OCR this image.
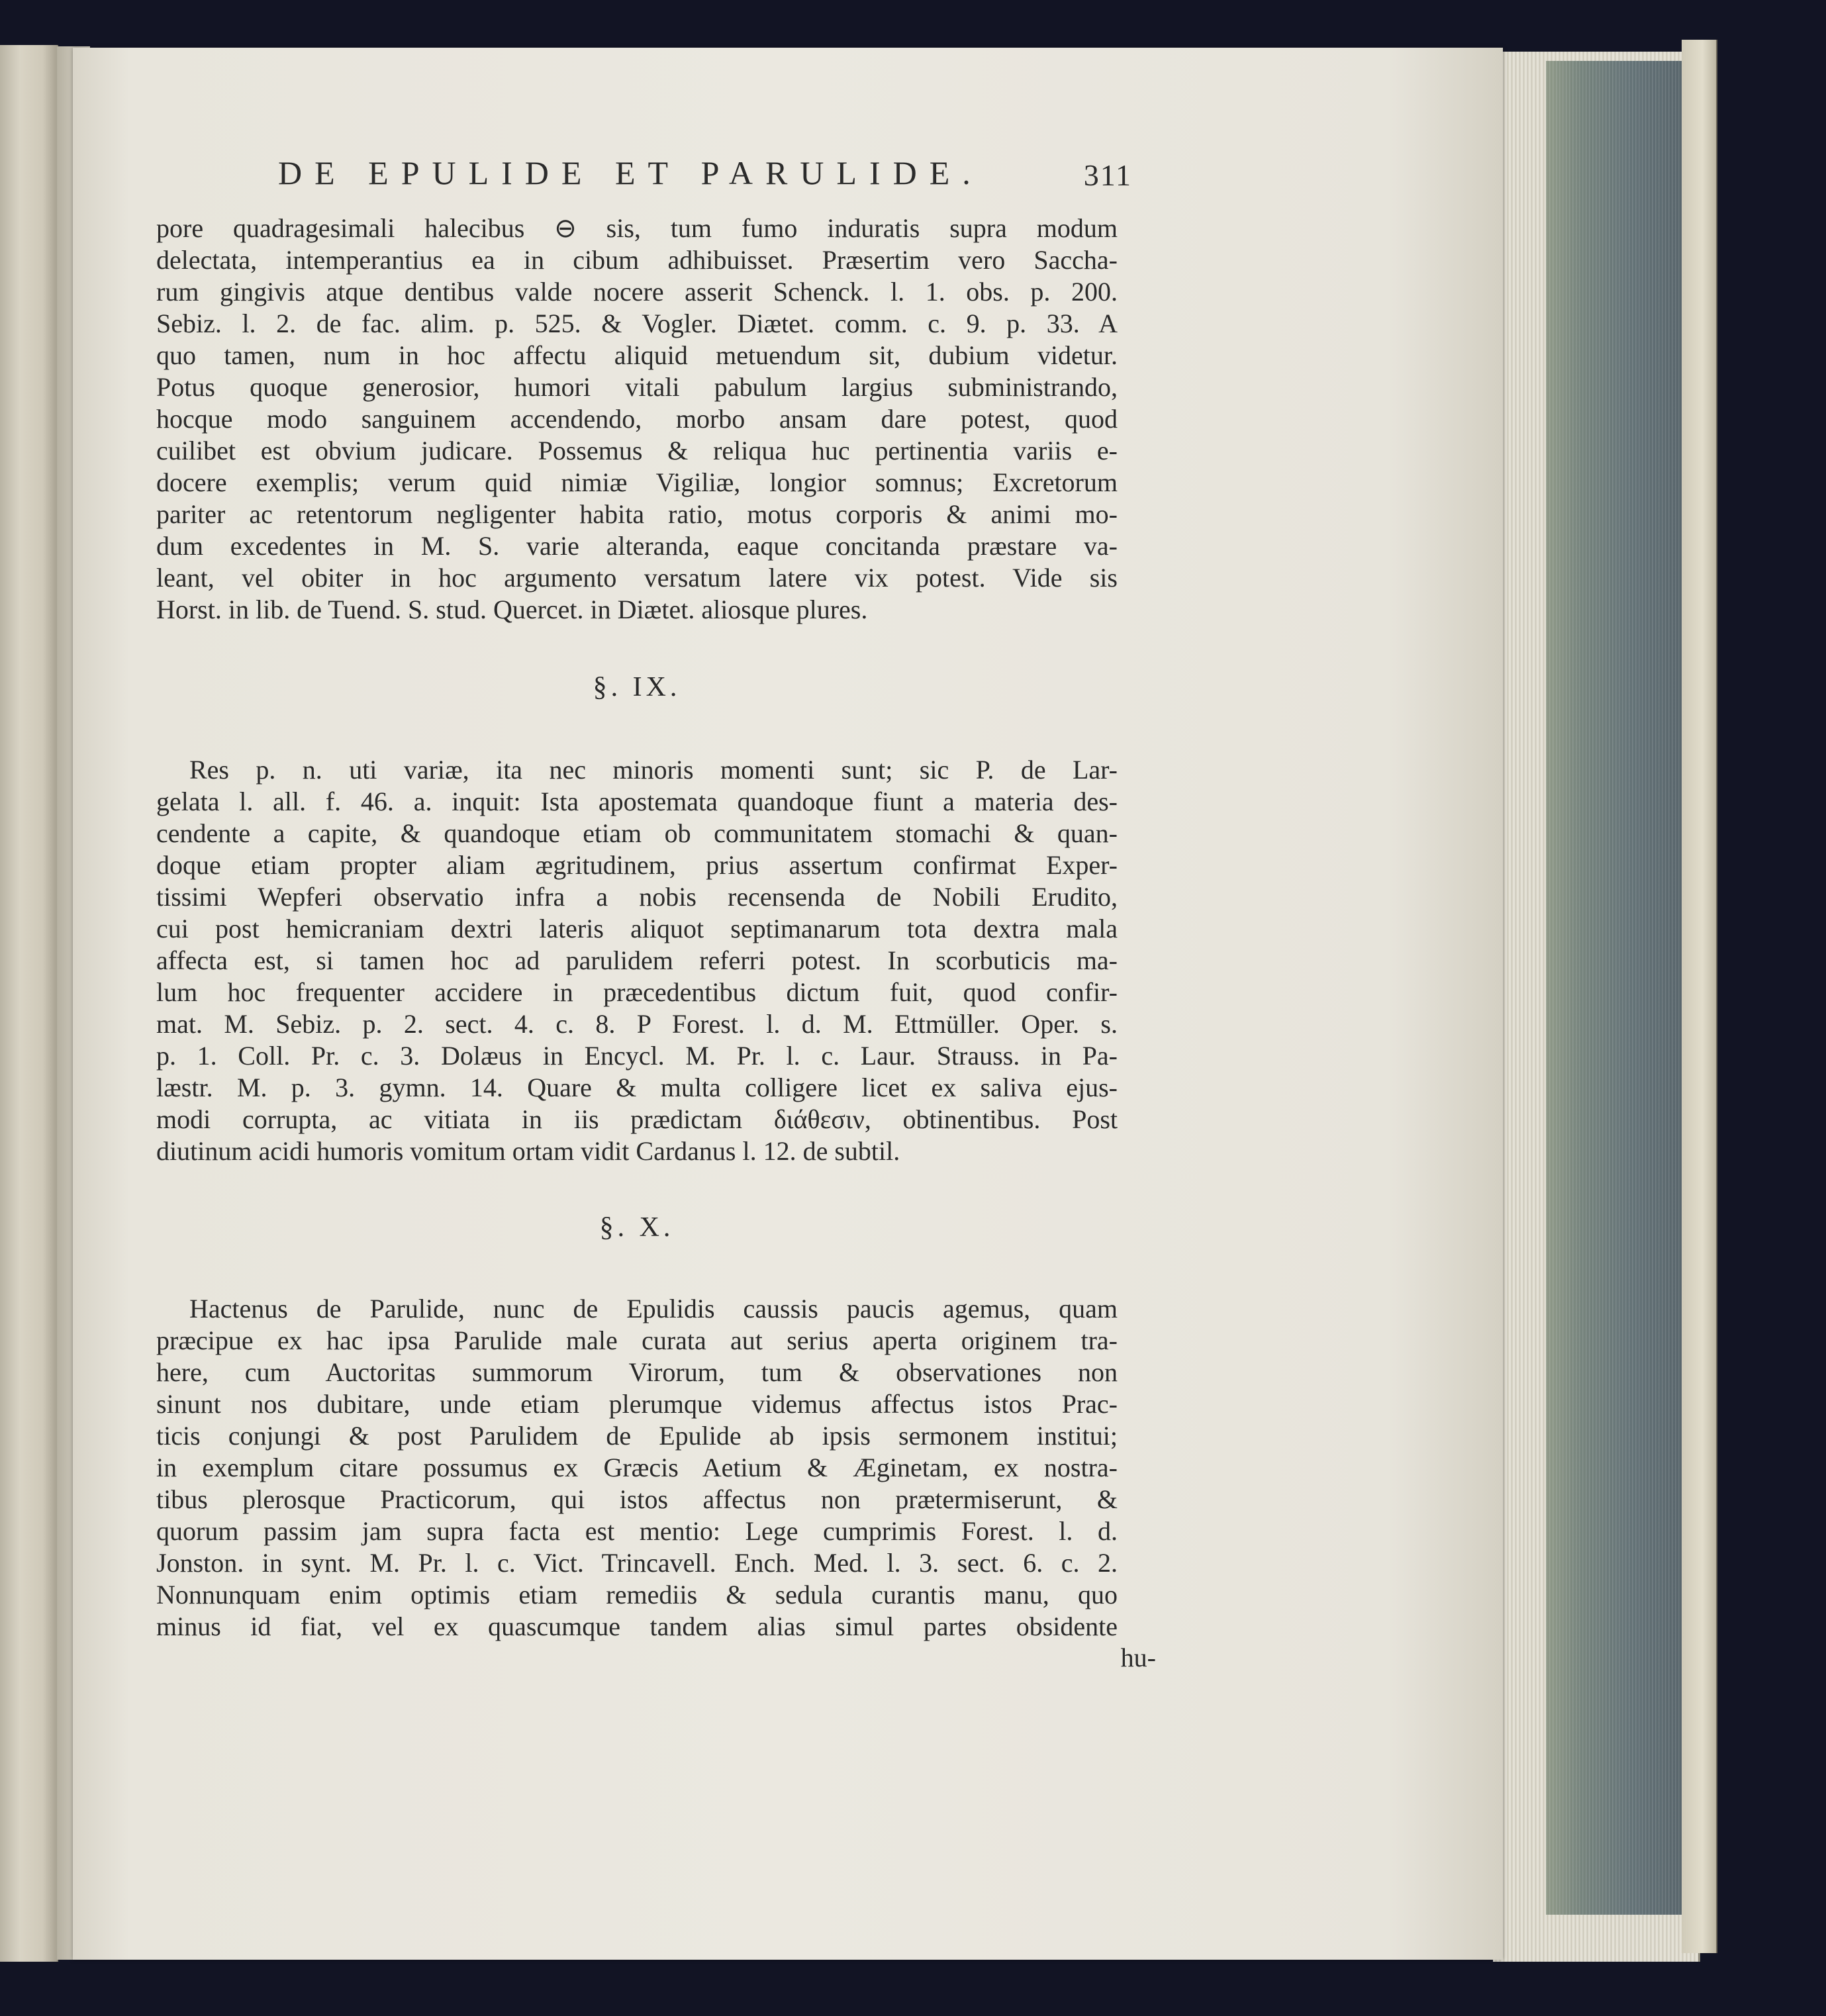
DE EPULIDE ET PARULIDE.	311
pore quadragesimali halecibus ⊖ sis, tum fumo induratis supra modum
delectata, intemperantius ea in cibum adhibuisset. Præsertim vero Saccha-
rum gingivis atque dentibus valde nocere asserit Schenck. l. 1. obs. p. 200.
Sebiz. l. 2. de fac. alim. p. 525. & Vogler. Diætet. comm. c. 9. p. 33. A
quo tamen, num in hoc affectu aliquid metuendum sit, dubium videtur.
Potus quoque generosior, humori vitali pabulum largius subministrando,
hocque modo sanguinem accendendo, morbo ansam dare potest, quod
cuilibet est obvium judicare. Possemus & reliqua huc pertinentia variis e-
docere exemplis; verum quid nimiæ Vigiliæ, longior somnus; Excretorum
pariter ac retentorum negligenter habita ratio, motus corporis & animi mo-
dum excedentes in M. S. varie alteranda, eaque concitanda præstare va-
leant, vel obiter in hoc argumento versatum latere vix potest. Vide sis
Horst. in lib. de Tuend. S. stud. Quercet. in Diætet. aliosque plures.
§. IX.
Res p. n. uti variæ, ita nec minoris momenti sunt; sic P. de Lar-
gelata l. all. f. 46. a. inquit: Ista apostemata quandoque fiunt a materia des-
cendente a capite, & quandoque etiam ob communitatem stomachi & quan-
doque etiam propter aliam ægritudinem, prius assertum confirmat Exper-
tissimi Wepferi observatio infra a nobis recensenda de Nobili Erudito,
cui post hemicraniam dextri lateris aliquot septimanarum tota dextra mala
affecta est, si tamen hoc ad parulidem referri potest. In scorbuticis ma-
lum hoc frequenter accidere in præcedentibus dictum fuit, quod confir-
mat. M. Sebiz. p. 2. sect. 4. c. 8. P Forest. l. d. M. Ettmüller. Oper. s.
p. 1. Coll. Pr. c. 3. Dolæus in Encycl. M. Pr. l. c. Laur. Strauss. in Pa-
læstr. M. p. 3. gymn. 14. Quare & multa colligere licet ex saliva ejus-
modi corrupta, ac vitiata in iis prædictam διάθεσιν, obtinentibus. Post
diutinum acidi humoris vomitum ortam vidit Cardanus l. 12. de subtil.
§. X.
Hactenus de Parulide, nunc de Epulidis caussis paucis agemus, quam
præcipue ex hac ipsa Parulide male curata aut serius aperta originem tra-
here, cum Auctoritas summorum Virorum, tum & observationes non
sinunt nos dubitare, unde etiam plerumque videmus affectus istos Prac-
ticis conjungi & post Parulidem de Epulide ab ipsis sermonem institui;
in exemplum citare possumus ex Græcis Aetium & Æginetam, ex nostra-
tibus plerosque Practicorum, qui istos affectus non prætermiserunt, &
quorum passim jam supra facta est mentio: Lege cumprimis Forest. l. d.
Jonston. in synt. M. Pr. l. c. Vict. Trincavell. Ench. Med. l. 3. sect. 6. c. 2.
Nonnunquam enim optimis etiam remediis & sedula curantis manu, quo
minus id fiat, vel ex quascumque tandem alias simul partes obsidente
hu-
